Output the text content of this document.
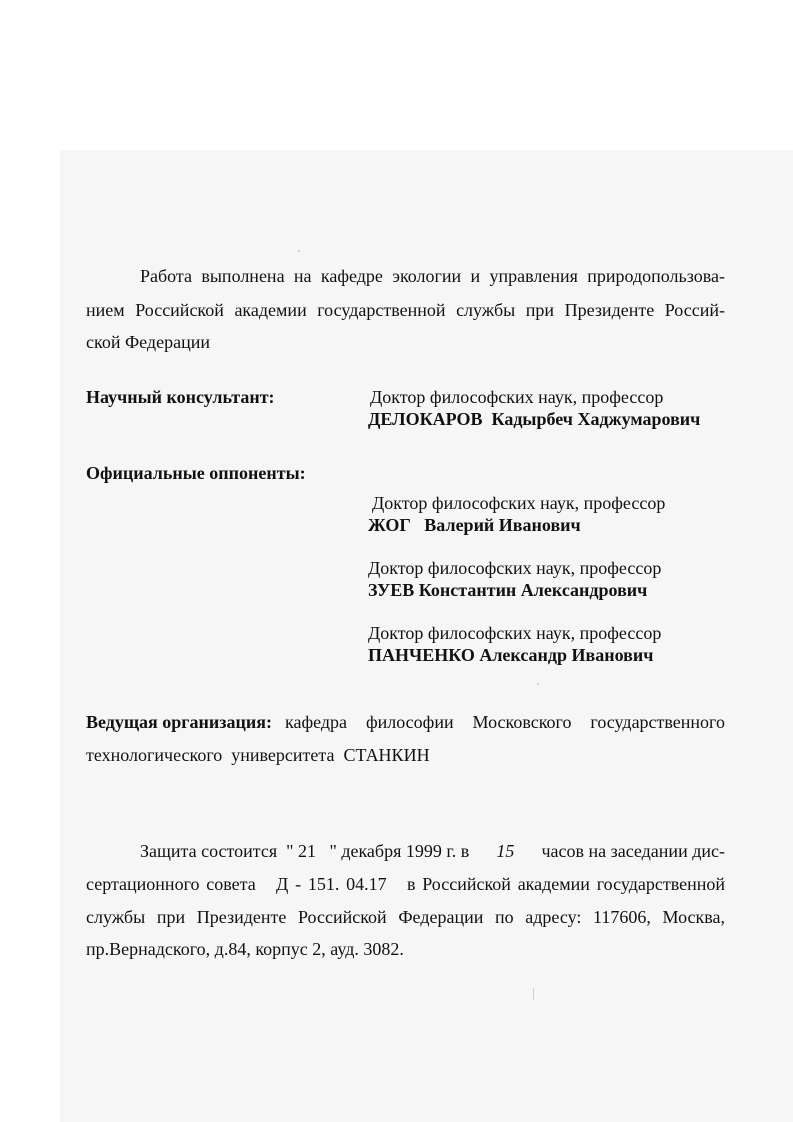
Работа выполнена на кафедре экологии и управления природопользова-
нием Российской академии государственной службы при Президенте Россий-
ской Федерации
Научный консультант:	Доктор философских наук, профессор
ДЕЛОКАРОВ  Кадырбеч Хаджумарович
Официальные оппоненты:
Доктор философских наук, профессор
ЖОГ   Валерий Иванович
Доктор философских наук, профессор
ЗУЕВ Константин Александрович
Доктор философских наук, профессор
ПАНЧЕНКО Александр Иванович
Ведущая организация: кафедра философии Московского государственного
технологического  университета  СТАНКИН
Защита состоится  " 21   " декабря 1999 г. в 15 часов на заседании дис-
сертационного совета   Д - 151. 04.17   в Российской академии государственной
службы при Президенте Российской Федерации по адресу: 117606, Москва,
пр.Вернадского, д.84, корпус 2, ауд. 3082.
